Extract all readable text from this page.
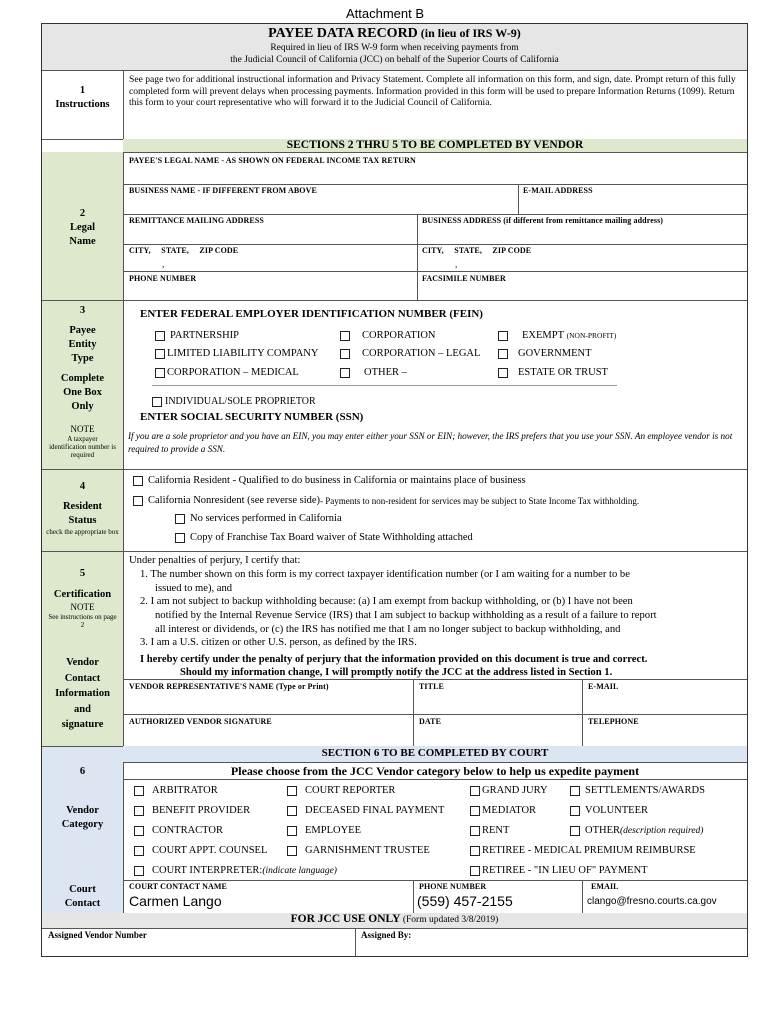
Attachment B
PAYEE DATA RECORD (in lieu of IRS W-9)
Required in lieu of IRS W-9 form when receiving payments from
the Judicial Council of California (JCC) on behalf of the Superior Courts of California
1
Instructions
See page two for additional instructional information and Privacy Statement. Complete all information on this form, and sign, date. Prompt return of this fully completed form will prevent delays when processing payments. Information provided in this form will be used to prepare Information Returns (1099). Return this form to your court representative who will forward it to the Judicial Council of California.
SECTIONS 2 THRU 5 TO BE COMPLETED BY VENDOR
2
Legal
Name
PAYEE'S LEGAL NAME - AS SHOWN ON FEDERAL INCOME TAX RETURN
BUSINESS NAME - IF DIFFERENT FROM ABOVE	E-MAIL ADDRESS
REMITTANCE MAILING ADDRESS	BUSINESS ADDRESS (if different from remittance mailing address)
CITY,     STATE,     ZIP CODE	CITY,     STATE,     ZIP CODE
,	,
PHONE NUMBER	FACSIMILE NUMBER
3
Payee
Entity
Type
Complete
One Box
Only
NOTE
A taxpayer identification number is required
ENTER FEDERAL EMPLOYER IDENTIFICATION NUMBER (FEIN)
PARTNERSHIP	CORPORATION	EXEMPT
(NON-PROFIT)
LIMITED LIABILITY COMPANY	CORPORATION – LEGAL	GOVERNMENT
CORPORATION – MEDICAL	OTHER –	ESTATE OR TRUST
INDIVIDUAL/SOLE PROPRIETOR
ENTER SOCIAL SECURITY NUMBER (SSN)
If you are a sole proprietor and you have an EIN, you may enter either your SSN or EIN; however, the IRS prefers that you use your SSN. An employee vendor is not required to provide a SSN.
4
Resident
Status
check the appropriate box
California Resident - Qualified to do business in California or maintains place of business
California Nonresident (see reverse side) - Payments to non-resident for services may be subject to State Income Tax withholding.
No services performed in California
Copy of Franchise Tax Board waiver of State Withholding attached
5
Certification
NOTE
See instructions on page 2
Vendor
Contact
Information
and
signature
Under penalties of perjury, I certify that:
1. The number shown on this form is my correct taxpayer identification number (or I am waiting for a number to be
issued to me), and
2. I am not subject to backup withholding because: (a) I am exempt from backup withholding, or (b) I have not been
notified by the Internal Revenue Service (IRS) that I am subject to backup withholding as a result of a failure to report
all interest or dividends, or (c) the IRS has notified me that I am no longer subject to backup withholding, and
3. I am a U.S. citizen or other U.S. person, as defined by the IRS.
I hereby certify under the penalty of perjury that the information provided on this document is true and correct.
Should my information change, I will promptly notify the JCC at the address listed in Section 1.
VENDOR REPRESENTATIVE'S NAME (Type or Print)	TITLE	E-MAIL
AUTHORIZED VENDOR SIGNATURE	DATE	TELEPHONE
SECTION 6 TO BE COMPLETED BY COURT
6
Vendor
Category
Please choose from the JCC Vendor category below to help us expedite payment
ARBITRATOR	COURT REPORTER	GRAND JURY	SETTLEMENTS/AWARDS
BENEFIT PROVIDER	DECEASED FINAL PAYMENT	MEDIATOR	VOLUNTEER
CONTRACTOR	EMPLOYEE	RENT	OTHER (description required)
COURT APPT. COUNSEL	GARNISHMENT TRUSTEE	RETIREE - MEDICAL PREMIUM REIMBURSE
COURT INTERPRETER: (indicate language)	RETIREE - "IN LIEU OF" PAYMENT
Court
Contact
COURT CONTACT NAME	PHONE NUMBER	EMAIL
Carmen Lango	(559) 457-2155	clango@fresno.courts.ca.gov
FOR JCC USE ONLY (Form updated 3/8/2019)
Assigned Vendor Number	Assigned By:
